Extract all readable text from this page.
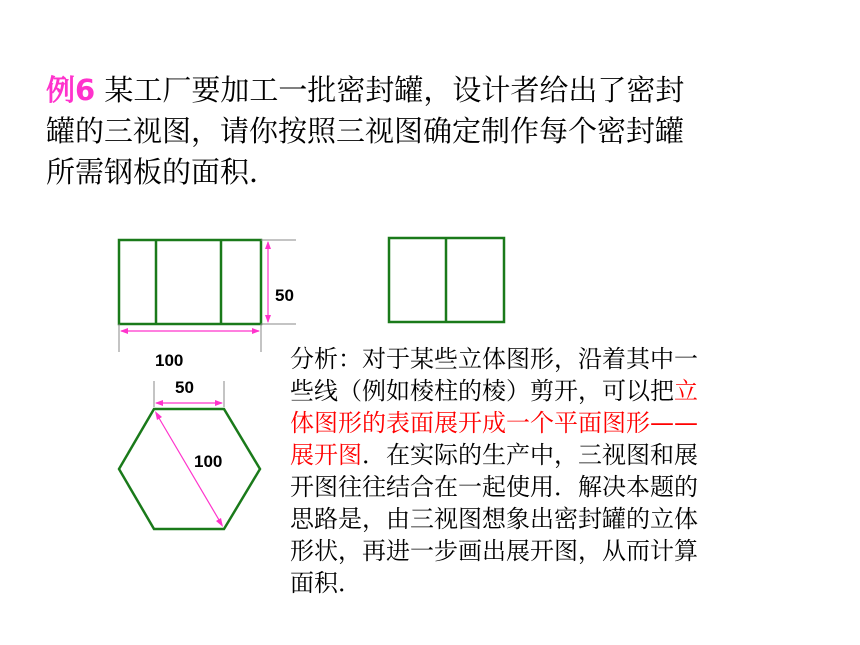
例6 某工厂要加工一批密封罐，设计者给出了密封
罐的三视图，请你按照三视图确定制作每个密封罐
所需钢板的面积．
50
100
50
100
分析：对于某些立体图形，沿着其中一
些线（例如棱柱的棱）剪开，可以把立
体图形的表面展开成一个平面图形——
展开图．在实际的生产中，三视图和展
开图往往结合在一起使用．解决本题的
思路是，由三视图想象出密封罐的立体
形状，再进一步画出展开图，从而计算
面积．
